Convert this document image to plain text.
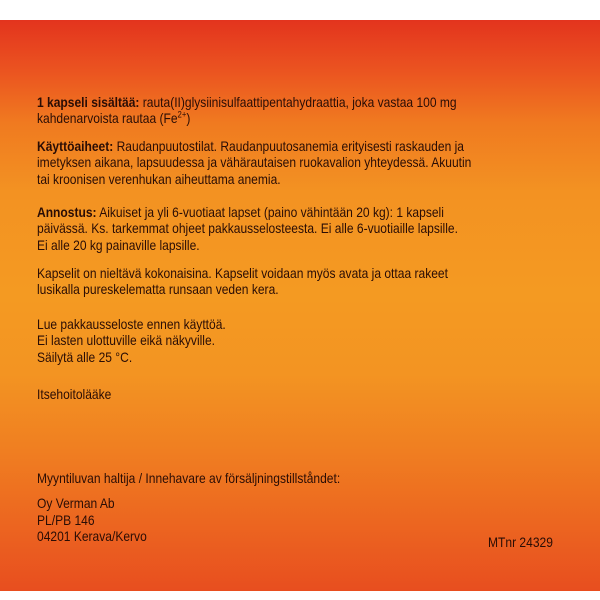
1 kapseli sisältää: rauta(II)glysiinisulfaattipentahydraattia, joka vastaa 100 mg
kahdenarvoista rautaa $(Fe^{2+})$
Käyttöaiheet: Raudanpuutostilat. Raudanpuutosanemia erityisesti raskauden ja
imetyksen aikana, lapsuudessa ja vähärautaisen ruokavalion yhteydessä. Akuutin
tai kroonisen verenhukan aiheuttama anemia.
Annostus: Aikuiset ja yli 6-vuotiaat lapset (paino vähintään 20 kg): 1 kapseli
päivässä. Ks. tarkemmat ohjeet pakkausselosteesta. Ei alle 6-vuotiaille lapsille.
Ei alle 20 kg painaville lapsille.
Kapselit on nieltävä kokonaisina. Kapselit voidaan myös avata ja ottaa rakeet
lusikalla pureskelematta runsaan veden kera.
Lue pakkausseloste ennen käyttöä.
Ei lasten ulottuville eikä näkyville.
Säilytä alle 25 °C.
Itsehoitolääke
Myyntiluvan haltija / Innehavare av försäljningstillståndet:
Oy Verman Ab
PL/PB 146
04201 Kerava/Kervo	MTnr 24329
